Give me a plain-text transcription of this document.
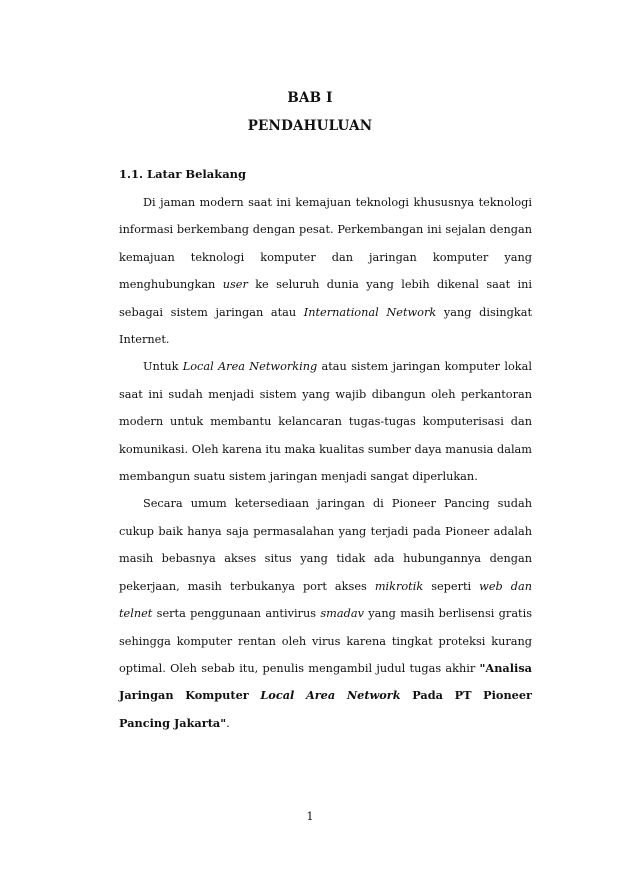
BAB I
PENDAHULUAN
1.1. Latar Belakang

Di jaman modern saat ini kemajuan teknologi khususnya teknologi informasi berkembang dengan pesat. Perkembangan ini sejalan dengan kemajuan teknologi komputer dan jaringan komputer yang menghubungkan user ke seluruh dunia yang lebih dikenal saat ini sebagai sistem jaringan atau International Network yang disingkat Internet.

Untuk Local Area Networking atau sistem jaringan komputer lokal saat ini sudah menjadi sistem yang wajib dibangun oleh perkantoran modern untuk membantu kelancaran tugas-tugas komputerisasi dan komunikasi. Oleh karena itu maka kualitas sumber daya manusia dalam membangun suatu sistem jaringan menjadi sangat diperlukan.

Secara umum ketersediaan jaringan di Pioneer Pancing sudah cukup baik hanya saja permasalahan yang terjadi pada Pioneer adalah masih bebasnya akses situs yang tidak ada hubungannya dengan pekerjaan, masih terbukanya port akses mikrotik seperti web dan telnet serta penggunaan antivirus smadav yang masih berlisensi gratis sehingga komputer rentan oleh virus karena tingkat proteksi kurang optimal. Oleh sebab itu, penulis mengambil judul tugas akhir "Analisa Jaringan Komputer Local Area Network Pada PT Pioneer Pancing Jakarta".

1
